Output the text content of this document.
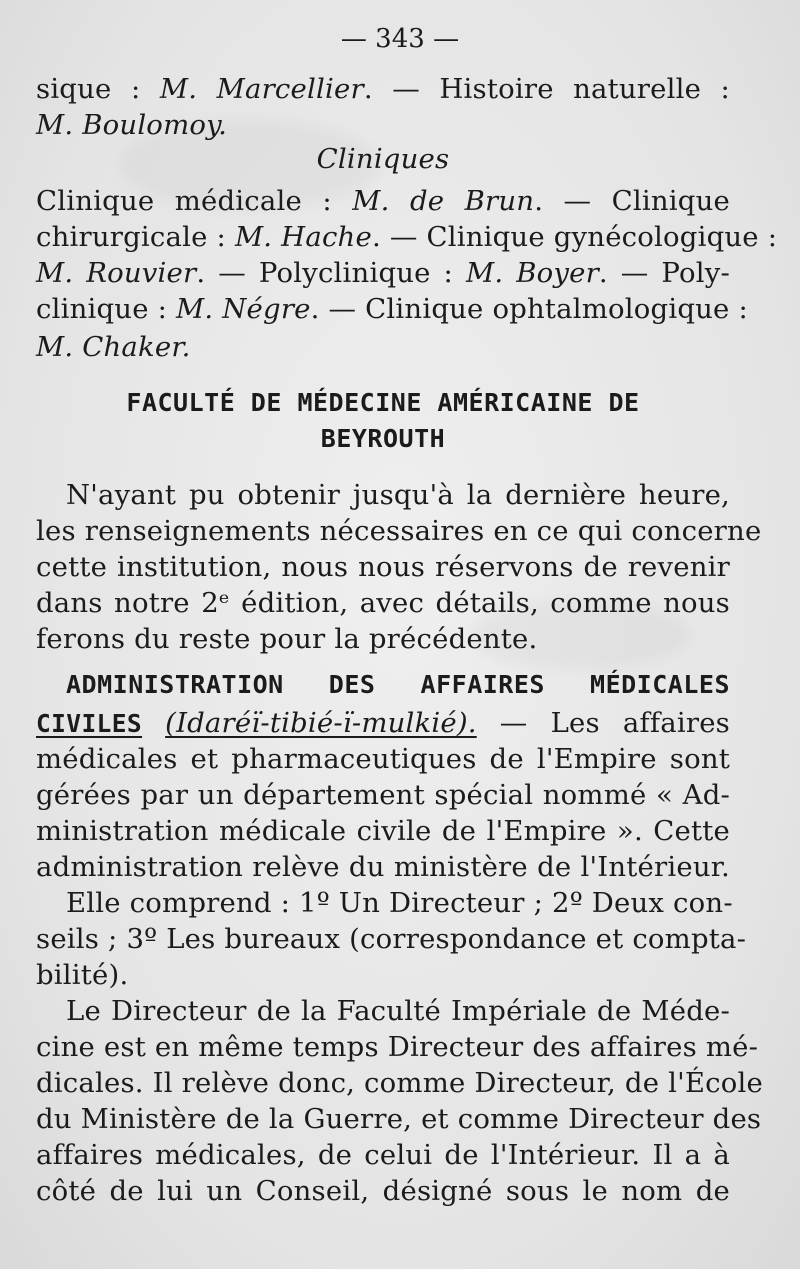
— 343 —
sique : M. Marcellier. — Histoire naturelle :
M. Boulomoy.
Cliniques
Clinique médicale : M. de Brun. — Clinique
chirurgicale : M. Hache. — Clinique gynécologique :
M. Rouvier. — Polyclinique : M. Boyer. — Poly-
clinique : M. Négre. — Clinique ophtalmologique :
M. Chaker.
FACULTÉ DE MÉDECINE AMÉRICAINE DE
BEYROUTH
N'ayant pu obtenir jusqu'à la dernière heure,
les renseignements nécessaires en ce qui concerne
cette institution, nous nous réservons de revenir
dans notre 2ᵉ édition, avec détails, comme nous
ferons du reste pour la précédente.
ADMINISTRATION DES AFFAIRES MÉDICALES
CIVILES (Idaréï-tibié-ï-mulkié). — Les affaires
médicales et pharmaceutiques de l'Empire sont
gérées par un département spécial nommé « Ad-
ministration médicale civile de l'Empire ». Cette
administration relève du ministère de l'Intérieur.
Elle comprend : 1º Un Directeur ; 2º Deux con-
seils ; 3º Les bureaux (correspondance et compta-
bilité).
Le Directeur de la Faculté Impériale de Méde-
cine est en même temps Directeur des affaires mé-
dicales. Il relève donc, comme Directeur, de l'École
du Ministère de la Guerre, et comme Directeur des
affaires médicales, de celui de l'Intérieur. Il a à
côté de lui un Conseil, désigné sous le nom de
